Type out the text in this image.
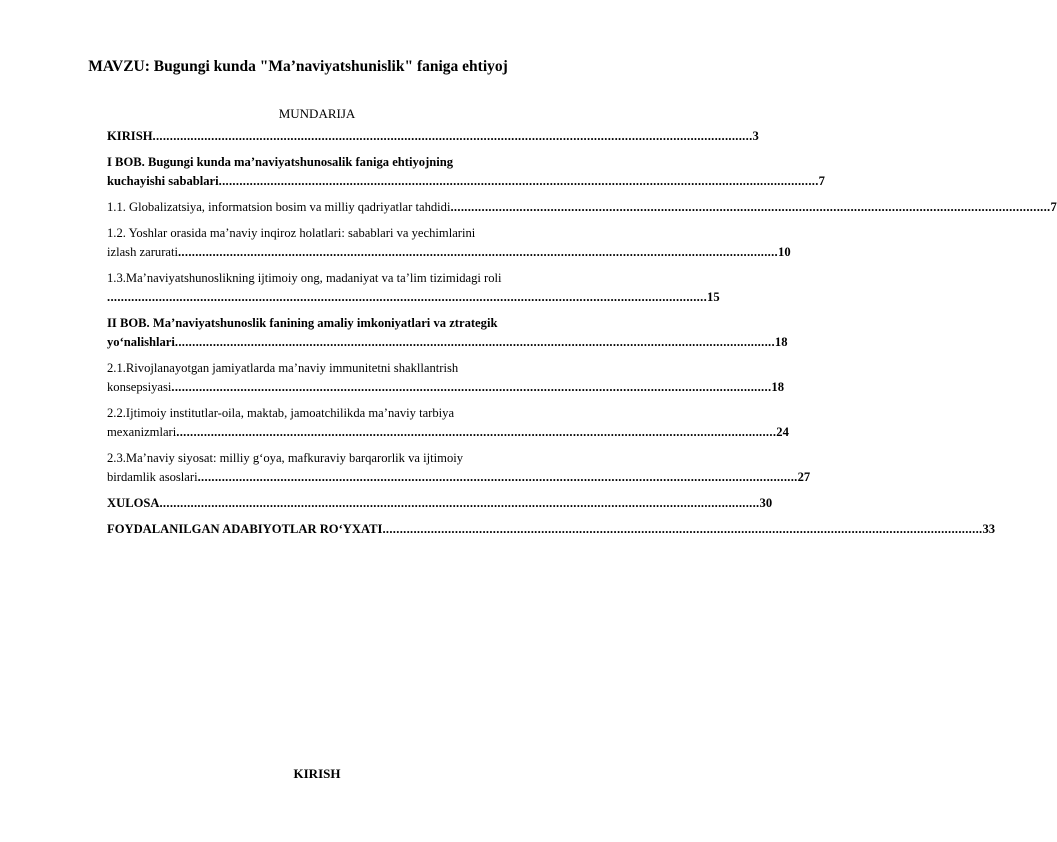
MAVZU: Bugungi kunda "Ma’naviyatshunislik" faniga ehtiyoj
MUNDARIJA
KIRISH .............................................................................................................................................................................. 3
I BOB. Bugungi kunda ma’naviyatshunosalik faniga ehtiyojning
kuchayishi sabablari .............................................................................................................................................................................. 7
1.1. Globalizatsiya, informatsion bosim va milliy qadriyatlar tahdidi .............................................................................................................................................................................. 7
1.2. Yoshlar orasida ma’naviy inqiroz holatlari: sabablari va yechimlarini
izlash zarurati .............................................................................................................................................................................. 10
1.3.Ma’naviyatshunoslikning ijtimoiy ong, madaniyat va ta’lim tizimidagi roli
.............................................................................................................................................................................. 15
II BOB. Ma’naviyatshunoslik fanining amaliy imkoniyatlari va ztrategik
yo‘nalishlari .............................................................................................................................................................................. 18
2.1.Rivojlanayotgan jamiyatlarda ma’naviy immunitetni shakllantrish
konsepsiyasi .............................................................................................................................................................................. 18
2.2.Ijtimoiy institutlar-oila, maktab, jamoatchilikda ma’naviy tarbiya
mexanizmlari .............................................................................................................................................................................. 24
2.3.Ma’naviy siyosat: milliy g‘oya, mafkuraviy barqarorlik va ijtimoiy
birdamlik asoslari .............................................................................................................................................................................. 27
XULOSA .............................................................................................................................................................................. 30
FOYDALANILGAN ADABIYOTLAR RO‘YXATI .............................................................................................................................................................................. 33
KIRISH
